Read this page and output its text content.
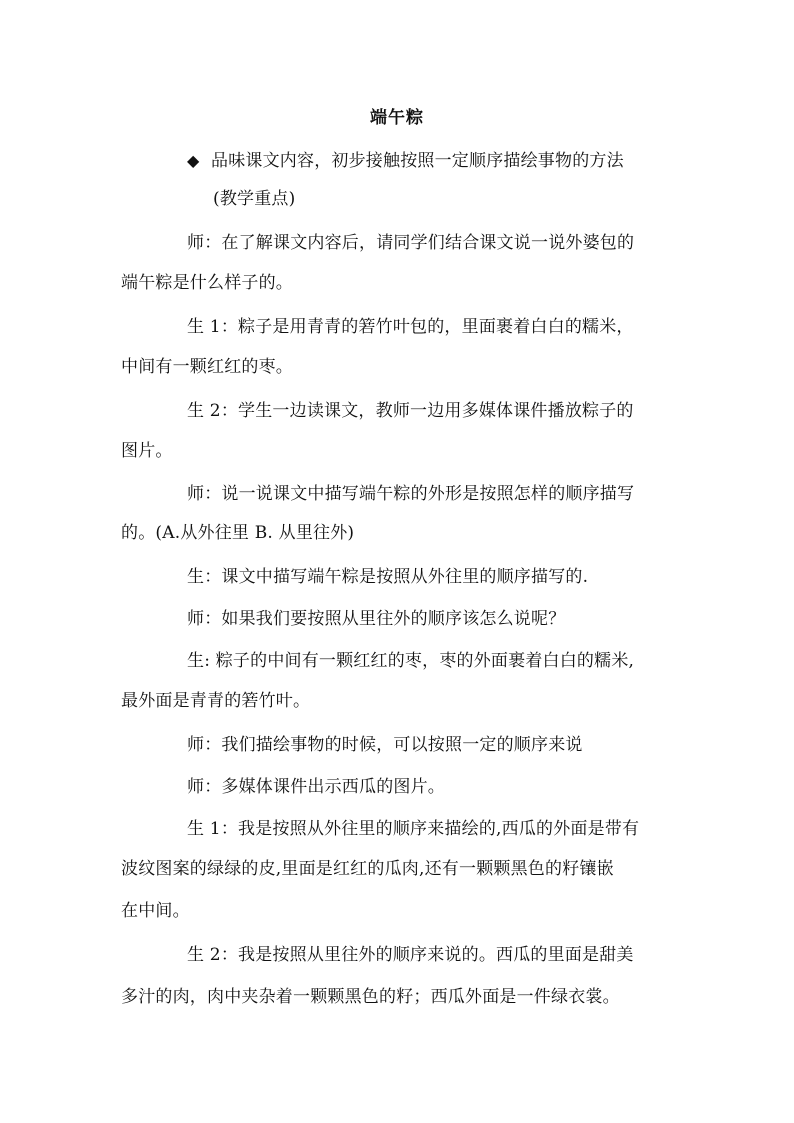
端午粽
◆ 品味课文内容，初步接触按照一定顺序描绘事物的方法
(教学重点)
师：在了解课文内容后，请同学们结合课文说一说外婆包的
端午粽是什么样子的。
生 1：粽子是用青青的箬竹叶包的，里面裹着白白的糯米，
中间有一颗红红的枣。
生 2：学生一边读课文，教师一边用多媒体课件播放粽子的
图片。
师：说一说课文中描写端午粽的外形是按照怎样的顺序描写
的。(A.从外往里 B. 从里往外)
生：课文中描写端午粽是按照从外往里的顺序描写的.
师：如果我们要按照从里往外的顺序该怎么说呢？
生: 粽子的中间有一颗红红的枣，枣的外面裹着白白的糯米,
最外面是青青的箬竹叶。
师：我们描绘事物的时候，可以按照一定的顺序来说
师：多媒体课件出示西瓜的图片。
生 1：我是按照从外往里的顺序来描绘的,西瓜的外面是带有
波纹图案的绿绿的皮,里面是红红的瓜肉,还有一颗颗黑色的籽镶嵌
在中间。
生 2：我是按照从里往外的顺序来说的。西瓜的里面是甜美
多汁的肉，肉中夹杂着一颗颗黑色的籽；西瓜外面是一件绿衣裳。
